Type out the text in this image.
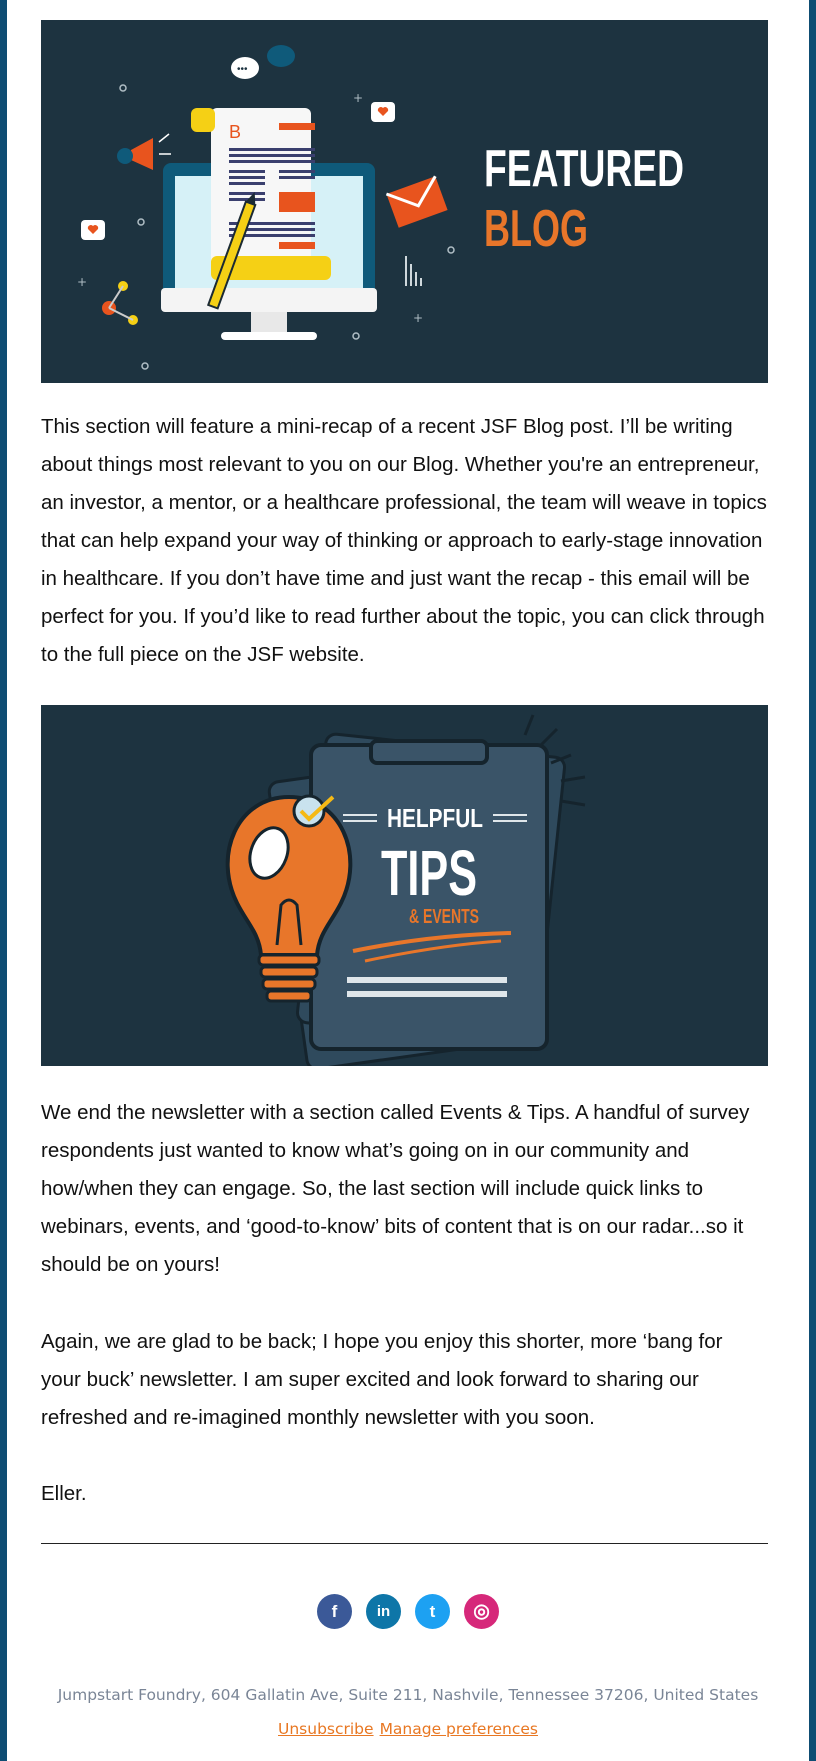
B
•••
+
+
+
FEATURED
BLOG

This section will feature a mini-recap of a recent JSF Blog post. I’ll be writing about things most relevant to you on our Blog. Whether you're an entrepreneur, an investor, a mentor, or a healthcare professional, the team will weave in topics that can help expand your way of thinking or approach to early-stage innovation in healthcare. If you don’t have time and just want the recap - this email will be perfect for you. If you’d like to read further about the topic, you can click through to the full piece on the JSF website.

HELPFUL
TIPS
& EVENTS

We end the newsletter with a section called Events & Tips. A handful of survey respondents just wanted to know what’s going on in our community and how/when they can engage. So, the last section will include quick links to webinars, events, and ‘good-to-know’ bits of content that is on our radar...so it should be on yours!

Again, we are glad to be back; I hope you enjoy this shorter, more ‘bang for your buck’ newsletter. I am super excited and look forward to sharing our refreshed and re-imagined monthly newsletter with you soon.

Eller.

f	in	t	◎
Jumpstart Foundry, 604 Gallatin Ave, Suite 211, Nashvile, Tennessee 37206, United States
Unsubscribe Manage preferences
